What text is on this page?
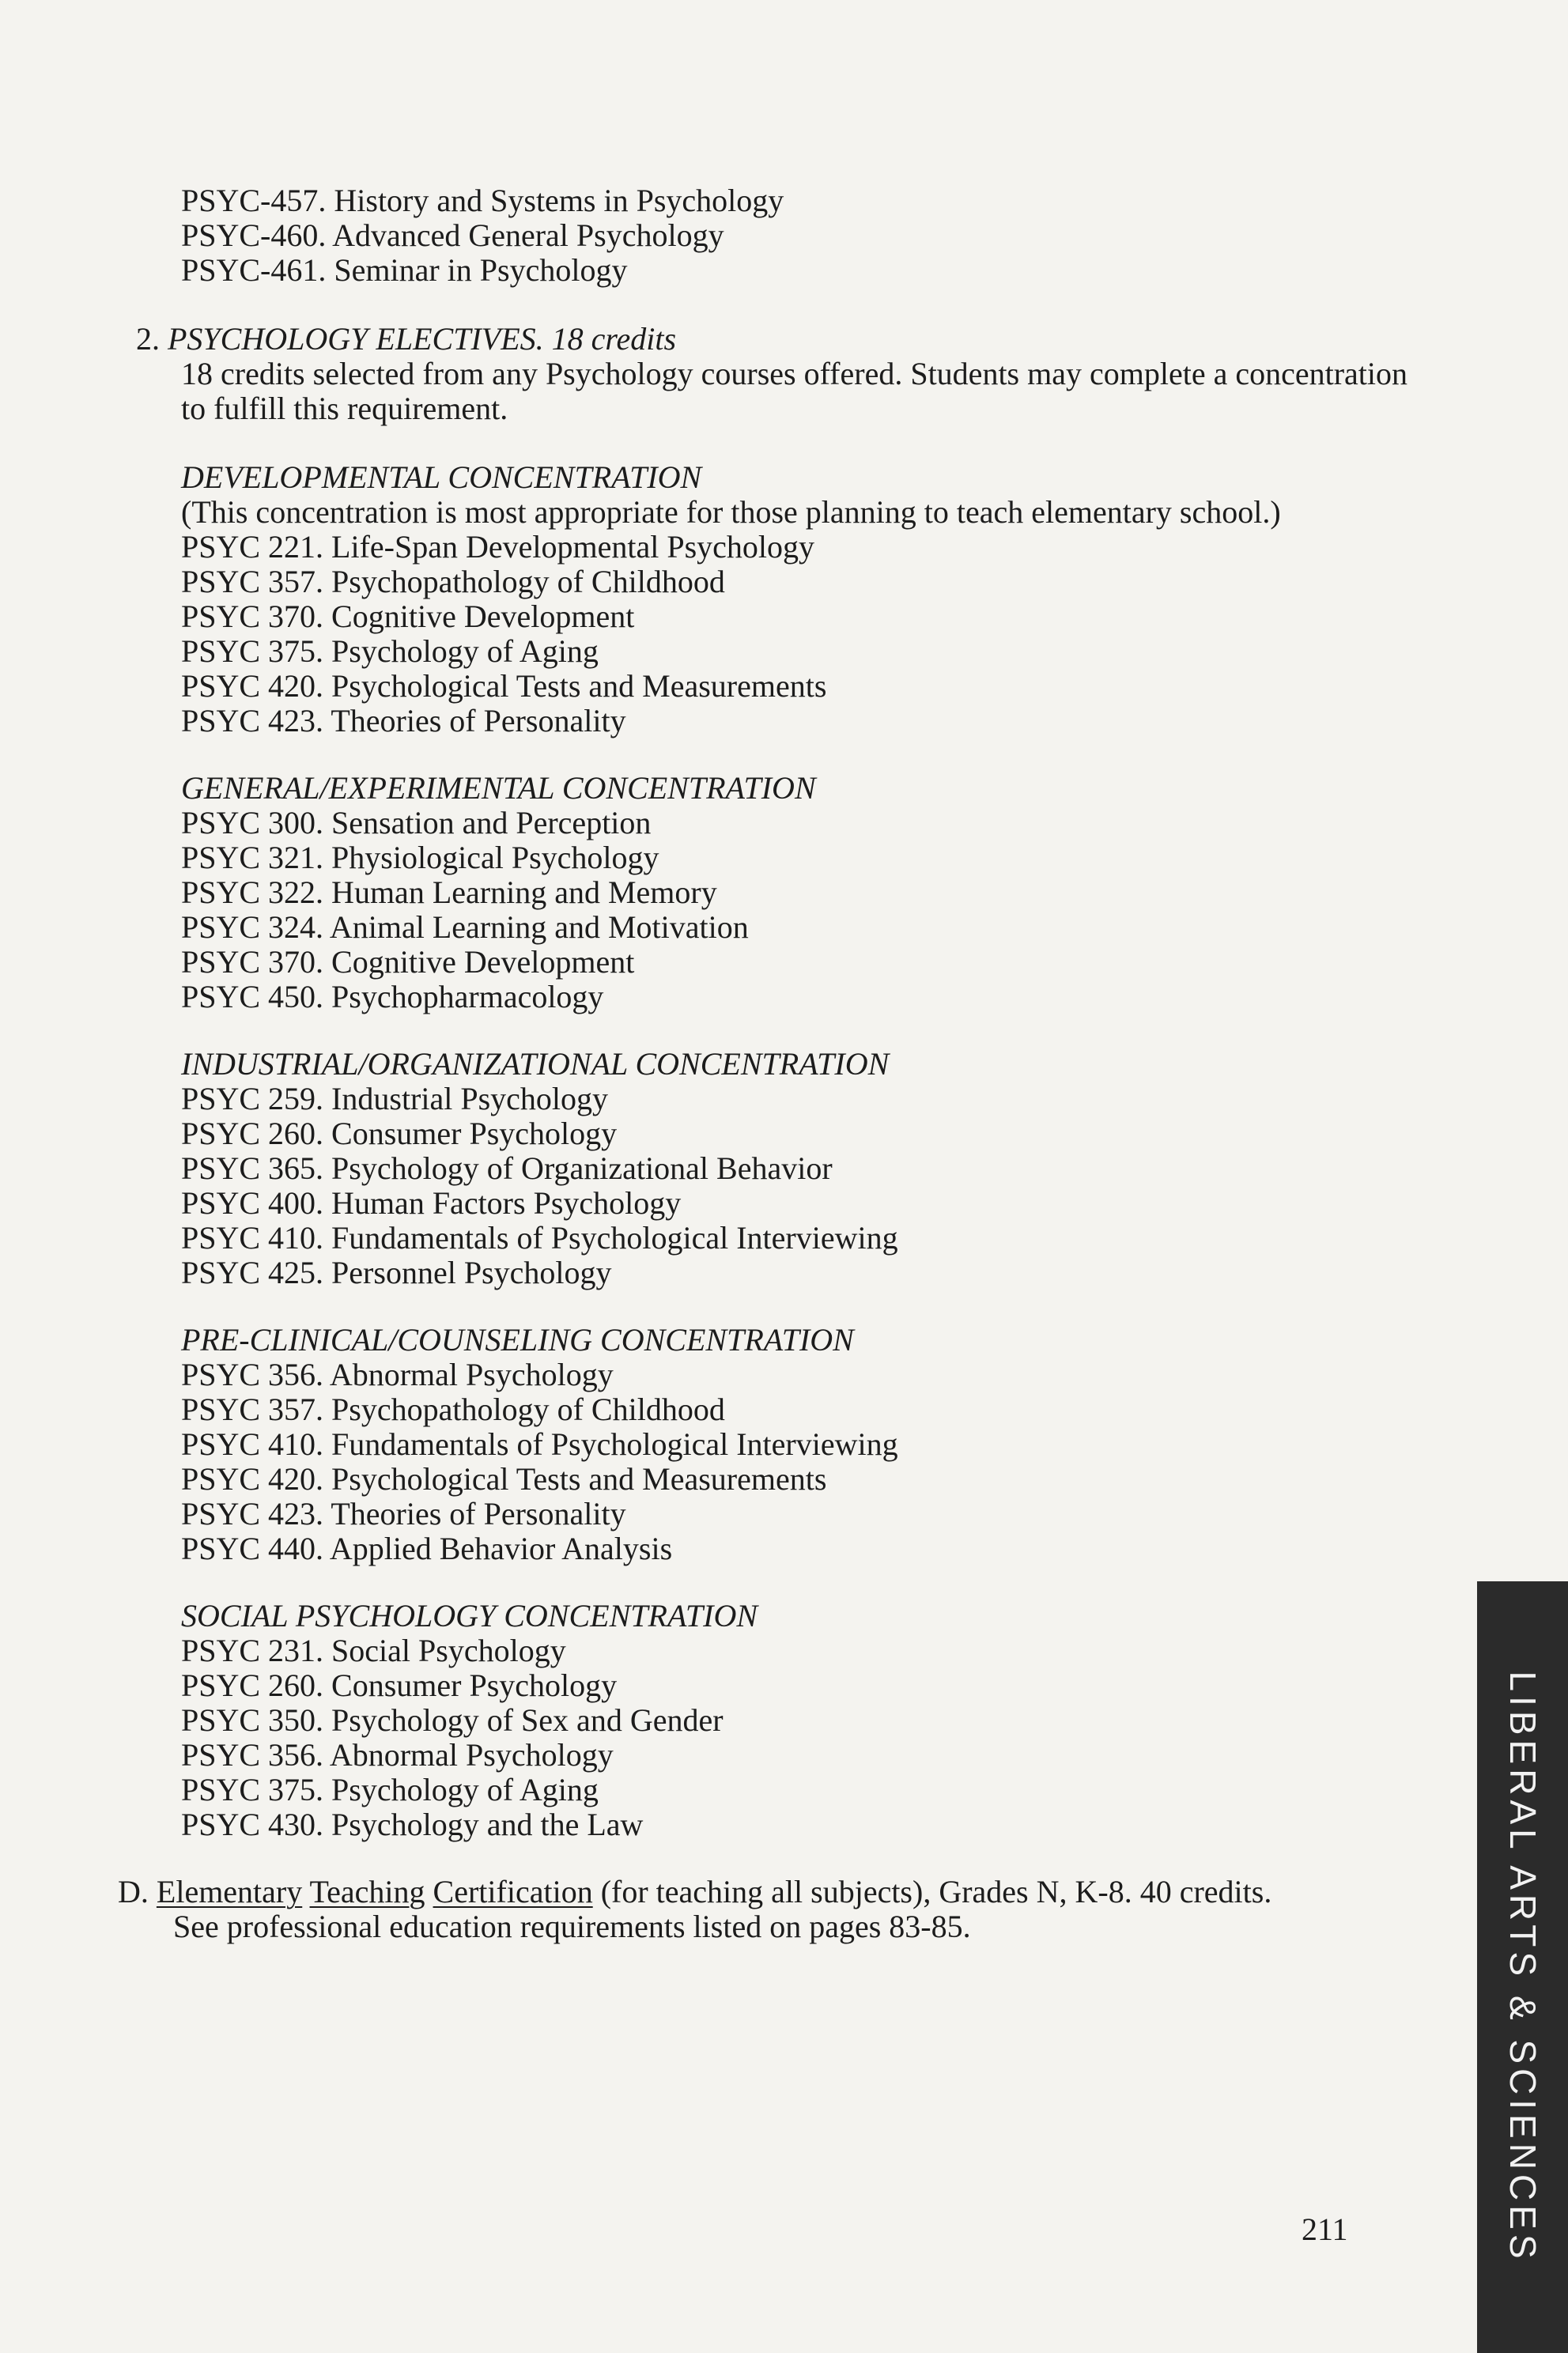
PSYC-457. History and Systems in Psychology
PSYC-460. Advanced General Psychology
PSYC-461. Seminar in Psychology
2. PSYCHOLOGY ELECTIVES. 18 credits
18 credits selected from any Psychology courses offered. Students may complete a concentration
to fulfill this requirement.
DEVELOPMENTAL CONCENTRATION
(This concentration is most appropriate for those planning to teach elementary school.)
PSYC 221. Life-Span Developmental Psychology
PSYC 357. Psychopathology of Childhood
PSYC 370. Cognitive Development
PSYC 375. Psychology of Aging
PSYC 420. Psychological Tests and Measurements
PSYC 423. Theories of Personality
GENERAL/EXPERIMENTAL CONCENTRATION
PSYC 300. Sensation and Perception
PSYC 321. Physiological Psychology
PSYC 322. Human Learning and Memory
PSYC 324. Animal Learning and Motivation
PSYC 370. Cognitive Development
PSYC 450. Psychopharmacology
INDUSTRIAL/ORGANIZATIONAL CONCENTRATION
PSYC 259. Industrial Psychology
PSYC 260. Consumer Psychology
PSYC 365. Psychology of Organizational Behavior
PSYC 400. Human Factors Psychology
PSYC 410. Fundamentals of Psychological Interviewing
PSYC 425. Personnel Psychology
PRE-CLINICAL/COUNSELING CONCENTRATION
PSYC 356. Abnormal Psychology
PSYC 357. Psychopathology of Childhood
PSYC 410. Fundamentals of Psychological Interviewing
PSYC 420. Psychological Tests and Measurements
PSYC 423. Theories of Personality
PSYC 440. Applied Behavior Analysis
SOCIAL PSYCHOLOGY CONCENTRATION
PSYC 231. Social Psychology
PSYC 260. Consumer Psychology
PSYC 350. Psychology of Sex and Gender
PSYC 356. Abnormal Psychology
PSYC 375. Psychology of Aging
PSYC 430. Psychology and the Law
D. Elementary Teaching Certification (for teaching all subjects), Grades N, K-8. 40 credits.
See professional education requirements listed on pages 83-85.
211	LIBERAL ARTS & SCIENCES
